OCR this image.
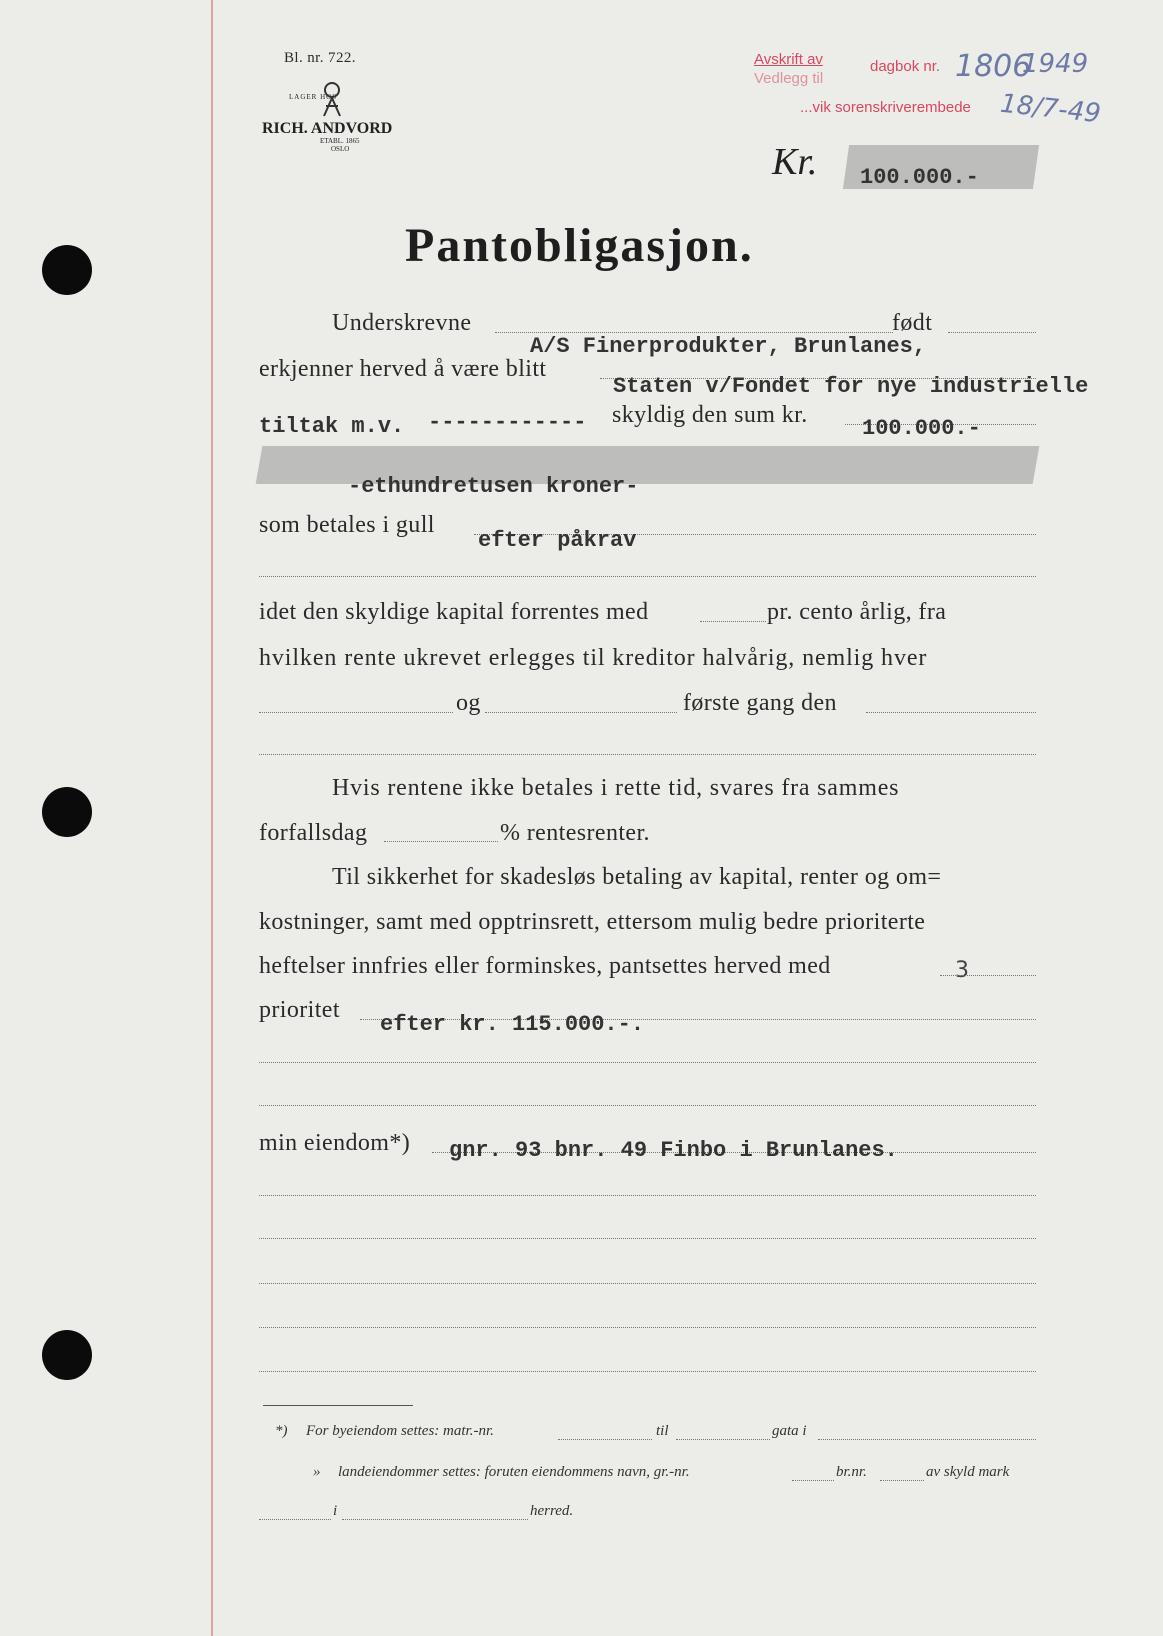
Bl. nr. 722.
LAGER HOS
RICH. ANDVORD
ETABL. 1865
OSLO
Avskrift av	dagbok nr.
Vedlegg til
...vik sorenskriverembede
1806
1949
18/7-49
Kr. 100.000.-
Pantobligasjon.
Underskrevne	født
A/S Finerprodukter, Brunlanes,
erkjenner herved å være blitt
Staten v/Fondet for nye industrielle
tiltak m.v. ------------ skyldig den sum kr.
100.000.-
-ethundretusen kroner-
som betales i gull
efter påkrav
idet den skyldige kapital forrentes med	pr. cento årlig, fra
hvilken rente ukrevet erlegges til kreditor halvårig, nemlig hver
og	første gang den
Hvis rentene ikke betales i rette tid, svares fra sammes
forfallsdag	% rentesrenter.
Til sikkerhet for skadesløs betaling av kapital, renter og om=
kostninger, samt med opptrinsrett, ettersom mulig bedre prioriterte
heftelser innfries eller forminskes, pantsettes herved med	3
prioritet
efter kr. 115.000.-.
min eiendom*) gnr. 93 bnr. 49 Finbo i Brunlanes.
*) For byeiendom settes: matr.-nr.	til	gata i
» landeiendommer settes: foruten eiendommens navn, gr.-nr.	br.nr.	av skyld mark
i	herred.
